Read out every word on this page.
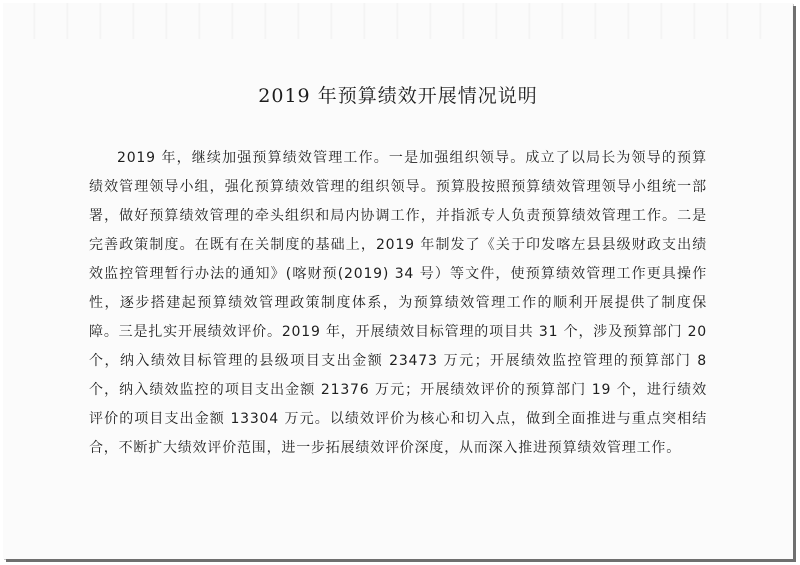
2019 年预算绩效开展情况说明

2019 年，继续加强预算绩效管理工作。一是加强组织领导。成立了以局长为领导的预算绩效管理领导小组，强化预算绩效管理的组织领导。预算股按照预算绩效管理领导小组统一部署，做好预算绩效管理的牵头组织和局内协调工作，并指派专人负责预算绩效管理工作。二是完善政策制度。在既有在关制度的基础上，2019 年制发了《关于印发喀左县县级财政支出绩效监控管理暂行办法的通知》(喀财预(2019) 34 号）等文件，使预算绩效管理工作更具操作性，逐步搭建起预算绩效管理政策制度体系，为预算绩效管理工作的顺利开展提供了制度保障。三是扎实开展绩效评价。2019 年，开展绩效目标管理的项目共 31 个，涉及预算部门 20 个，纳入绩效目标管理的县级项目支出金额 23473 万元；开展绩效监控管理的预算部门 8 个，纳入绩效监控的项目支出金额 21376 万元；开展绩效评价的预算部门 19 个，进行绩效评价的项目支出金额 13304 万元。以绩效评价为核心和切入点，做到全面推进与重点突相结合，不断扩大绩效评价范围，进一步拓展绩效评价深度，从而深入推进预算绩效管理工作。
